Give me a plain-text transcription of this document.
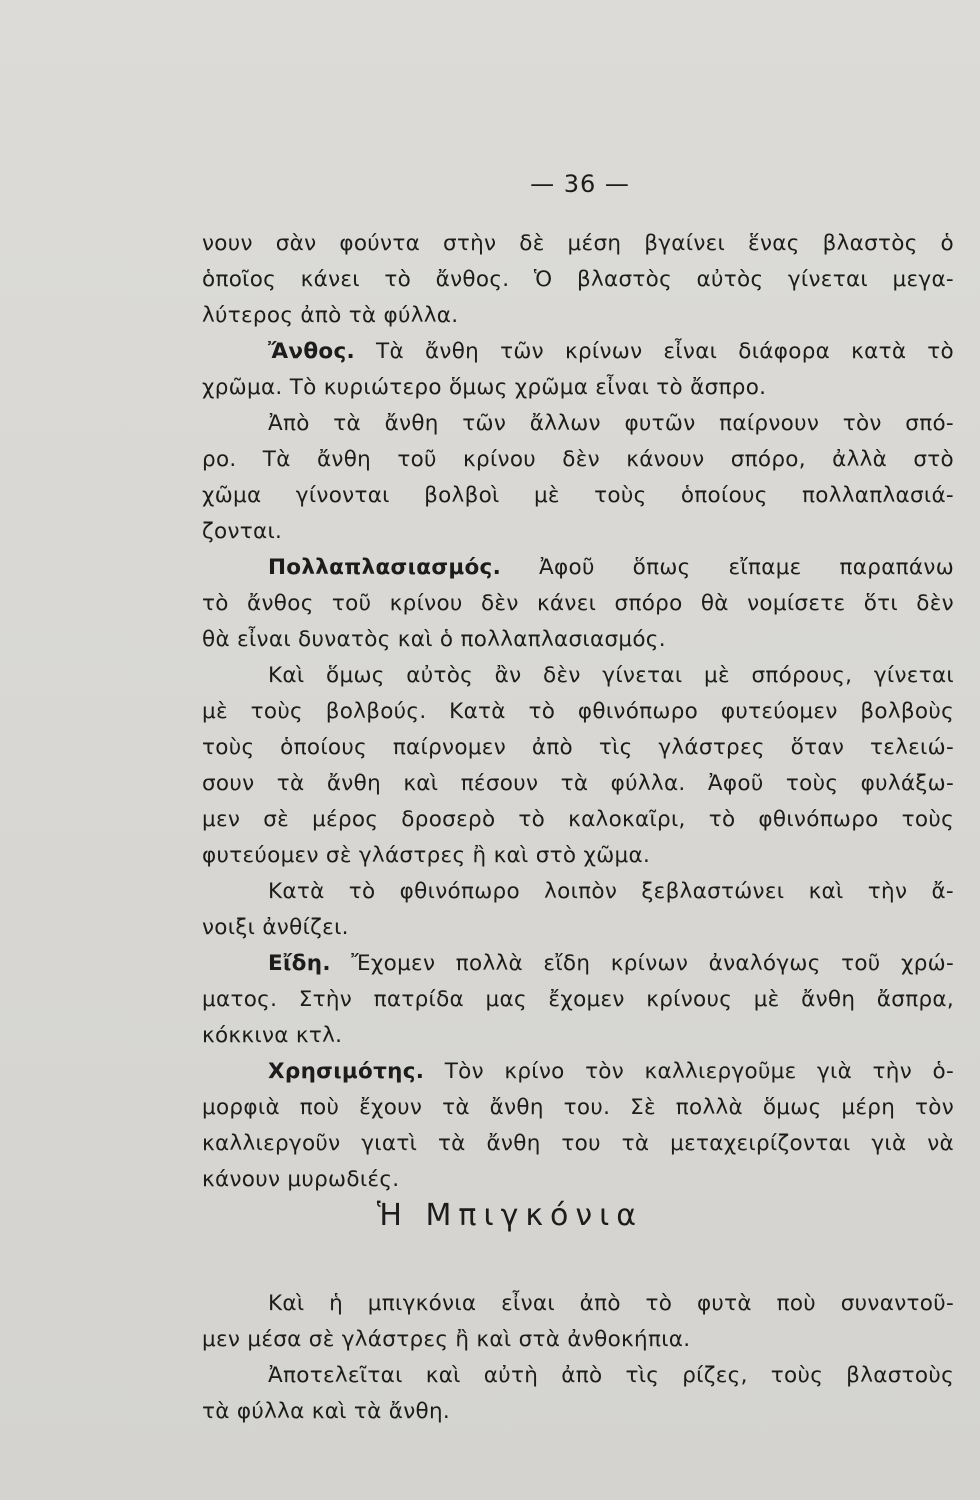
— 36 —
νουν σὰν φούντα στὴν δὲ μέση βγαίνει ἕνας βλαστὸς ὁ
ὁποῖος κάνει τὸ ἄνθος. Ὁ βλαστὸς αὐτὸς γίνεται μεγα-
λύτερος ἀπὸ τὰ φύλλα.
Ἄνθος. Τὰ ἄνθη τῶν κρίνων εἶναι διάφορα κατὰ τὸ
χρῶμα. Τὸ κυριώτερο ὅμως χρῶμα εἶναι τὸ ἄσπρο.
Ἀπὸ τὰ ἄνθη τῶν ἄλλων φυτῶν παίρνουν τὸν σπό-
ρο. Τὰ ἄνθη τοῦ κρίνου δὲν κάνουν σπόρο, ἀλλὰ στὸ
χῶμα γίνονται βολβοὶ μὲ τοὺς ὁποίους πολλαπλασιά-
ζονται.
Πολλαπλασιασμός. Ἀφοῦ ὅπως εἴπαμε παραπάνω
τὸ ἄνθος τοῦ κρίνου δὲν κάνει σπόρο θὰ νομίσετε ὅτι δὲν
θὰ εἶναι δυνατὸς καὶ ὁ πολλαπλασιασμός.
Καὶ ὅμως αὐτὸς ἂν δὲν γίνεται μὲ σπόρους, γίνεται
μὲ τοὺς βολβούς. Κατὰ τὸ φθινόπωρο φυτεύομεν βολβοὺς
τοὺς ὁποίους παίρνομεν ἀπὸ τὶς γλάστρες ὅταν τελειώ-
σουν τὰ ἄνθη καὶ πέσουν τὰ φύλλα. Ἀφοῦ τοὺς φυλάξω-
μεν σὲ μέρος δροσερὸ τὸ καλοκαῖρι, τὸ φθινόπωρο τοὺς
φυτεύομεν σὲ γλάστρες ἢ καὶ στὸ χῶμα.
Κατὰ τὸ φθινόπωρο λοιπὸν ξεβλαστώνει καὶ τὴν ἄ-
νοιξι ἀνθίζει.
Εἴδη. Ἔχομεν πολλὰ εἴδη κρίνων ἀναλόγως τοῦ χρώ-
ματος. Στὴν πατρίδα μας ἔχομεν κρίνους μὲ ἄνθη ἄσπρα,
κόκκινα κτλ.
Χρησιμότης. Τὸν κρίνο τὸν καλλιεργοῦμε γιὰ τὴν ὁ-
μορφιὰ ποὺ ἔχουν τὰ ἄνθη του. Σὲ πολλὰ ὅμως μέρη τὸν
καλλιεργοῦν γιατὶ τὰ ἄνθη του τὰ μεταχειρίζονται γιὰ νὰ
κάνουν μυρωδιές.
Ἡ Μπιγκόνια
Καὶ ἡ μπιγκόνια εἶναι ἀπὸ τὸ φυτὰ ποὺ συναντοῦ-
μεν μέσα σὲ γλάστρες ἢ καὶ στὰ ἀνθοκήπια.
Ἀποτελεῖται καὶ αὐτὴ ἀπὸ τὶς ρίζες, τοὺς βλαστοὺς
τὰ φύλλα καὶ τὰ ἄνθη.
